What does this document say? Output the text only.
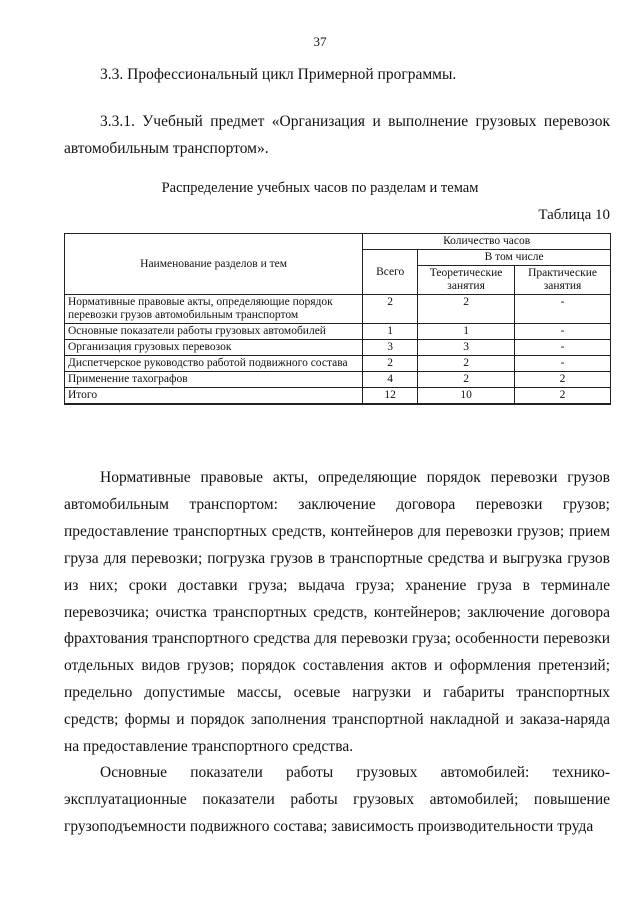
37
3.3. Профессиональный цикл Примерной программы.
3.3.1. Учебный предмет «Организация и выполнение грузовых перевозок автомобильным транспортом».
Распределение учебных часов по разделам и темам
Таблица 10
Наименование разделов и тем	Количество часов		
	Всего	В том числе	
		Теоретические занятия	Практические занятия
Нормативные правовые акты, определяющие порядок перевозки грузов автомобильным транспортом	2	2	-
Основные показатели работы грузовых автомобилей	1	1	-
Организация грузовых перевозок	3	3	-
Диспетчерское руководство работой подвижного состава	2	2	-
Применение тахографов	4	2	2
Итого	12	10	2
Нормативные правовые акты, определяющие порядок перевозки грузов автомобильным транспортом: заключение договора перевозки грузов; предоставление транспортных средств, контейнеров для перевозки грузов; прием груза для перевозки; погрузка грузов в транспортные средства и выгрузка грузов из них; сроки доставки груза; выдача груза; хранение груза в терминале перевозчика; очистка транспортных средств, контейнеров; заключение договора фрахтования транспортного средства для перевозки груза; особенности перевозки отдельных видов грузов; порядок составления актов и оформления претензий; предельно допустимые массы, осевые нагрузки и габариты транспортных средств; формы и порядок заполнения транспортной накладной и заказа-наряда на предоставление транспортного средства.
Основные показатели работы грузовых автомобилей: технико-эксплуатационные показатели работы грузовых автомобилей; повышение грузоподъемности подвижного состава; зависимость производительности труда
